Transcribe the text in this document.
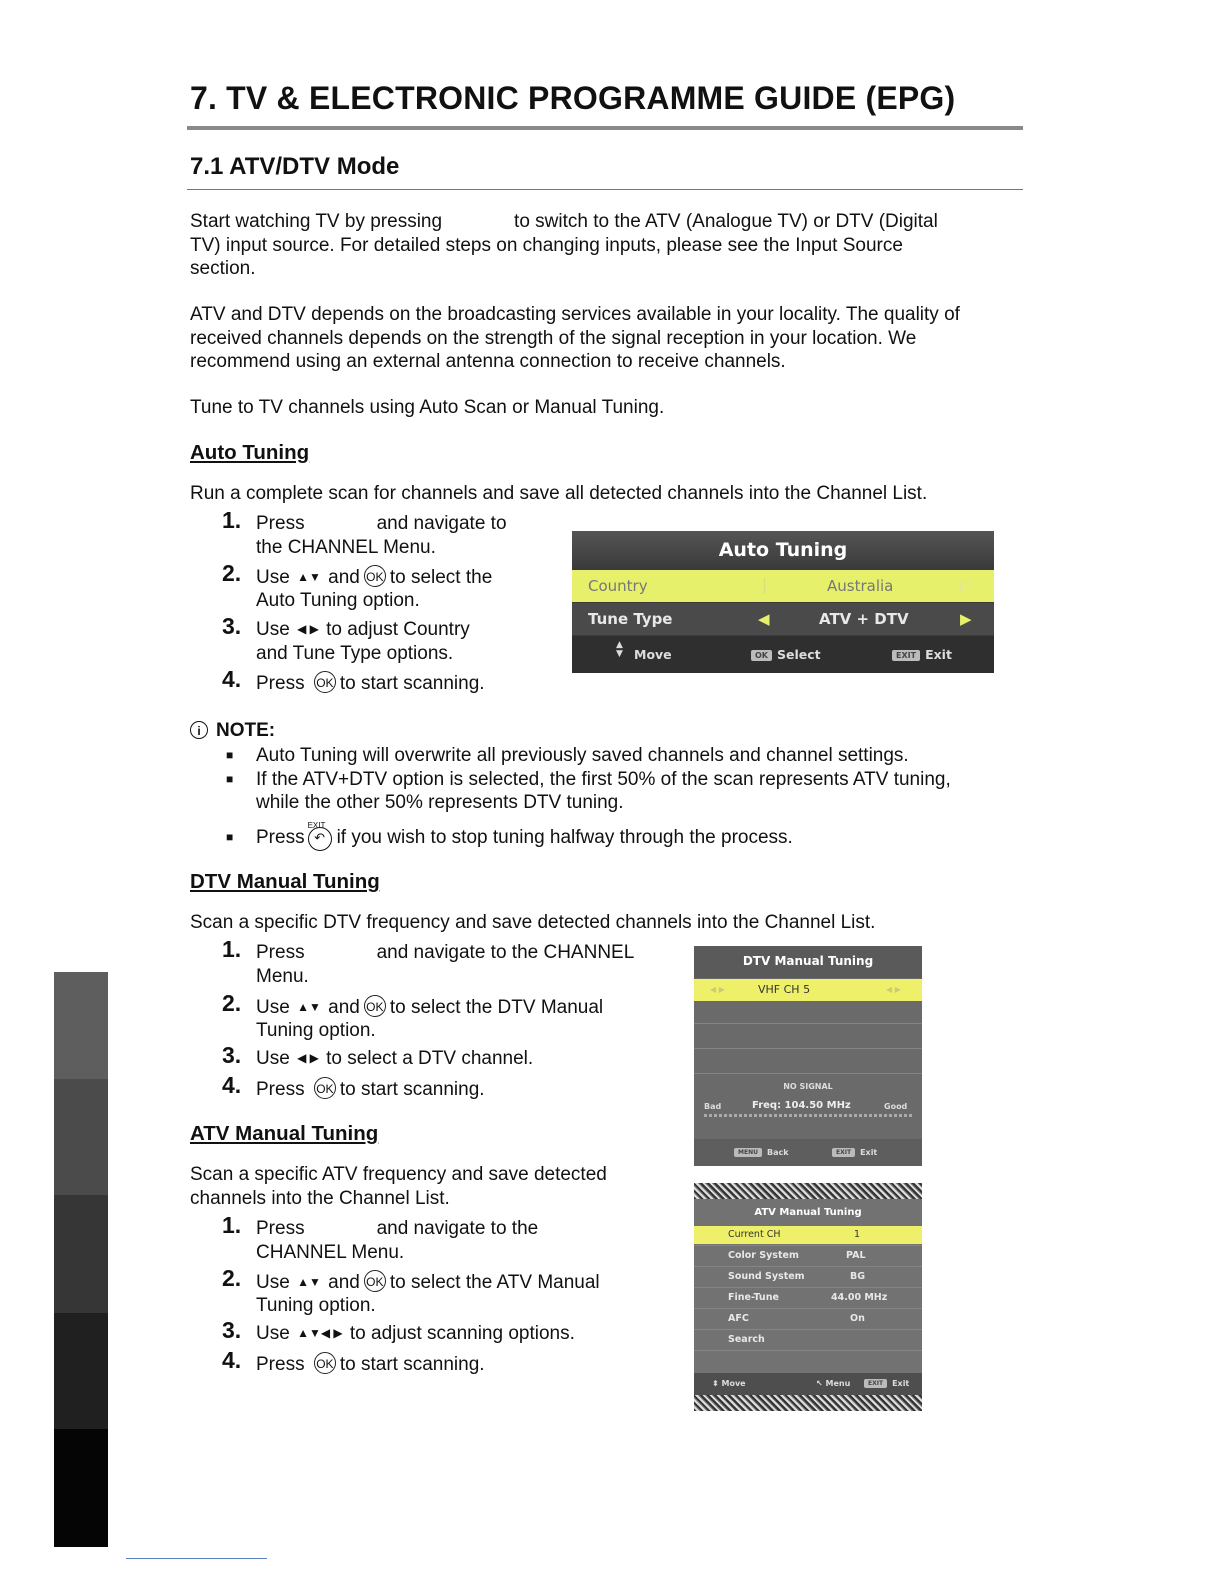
7. TV & ELECTRONIC PROGRAMME GUIDE (EPG)
7.1 ATV/DTV Mode
Start watching TV by pressing	to switch to the ATV (Analogue TV) or DTV (Digital
TV) input source. For detailed steps on changing inputs, please see the Input Source
section.
ATV and DTV depends on the broadcasting services available in your locality. The quality of
received channels depends on the strength of the signal reception in your location. We
recommend using an external antenna connection to receive channels.
Tune to TV channels using Auto Scan or Manual Tuning.
Auto Tuning
Run a complete scan for channels and save all detected channels into the Channel List.
1. Press	and navigate to
the CHANNEL Menu.
2. Use ▲▼ and OK to select the
Auto Tuning option.
3. Use ◀ ▶ to adjust Country
and Tune Type options.
4. Press OK to start scanning.
Auto Tuning
Country	|	Australia	▷
Tune Type	◀	ATV + DTV	▶
▲
▼ Move	OK Select	EXIT Exit
i NOTE:
■ Auto Tuning will overwrite all previously saved channels and channel settings.
■ If the ATV+DTV option is selected, the first 50% of the scan represents ATV tuning,
while the other 50% represents DTV tuning.
■ Press
EXIT
↶ if you wish to stop tuning halfway through the process.
DTV Manual Tuning
Scan a specific DTV frequency and save detected channels into the Channel List.
1. Press	and navigate to the CHANNEL
Menu.
2. Use ▲▼ and OK to select the DTV Manual
Tuning option.
3. Use ◀ ▶ to select a DTV channel.
4. Press OK to start scanning.
DTV Manual Tuning
◀ ▶	VHF CH 5	◀ ▶
NO SIGNAL
Bad	Freq: 104.50 MHz	Good
MENU Back	EXIT Exit
ATV Manual Tuning
Scan a specific ATV frequency and save detected
channels into the Channel List.
1. Press	and navigate to the
CHANNEL Menu.
2. Use ▲▼ and OK to select the ATV Manual
Tuning option.
3. Use ▲▼◀ ▶ to adjust scanning options.
4. Press OK to start scanning.
ATV Manual Tuning
Current CH	1
Color System	PAL
Sound System	BG
Fine-Tune	44.00 MHz
AFC	On
Search
⬍ Move	↖ Menu	EXIT Exit
